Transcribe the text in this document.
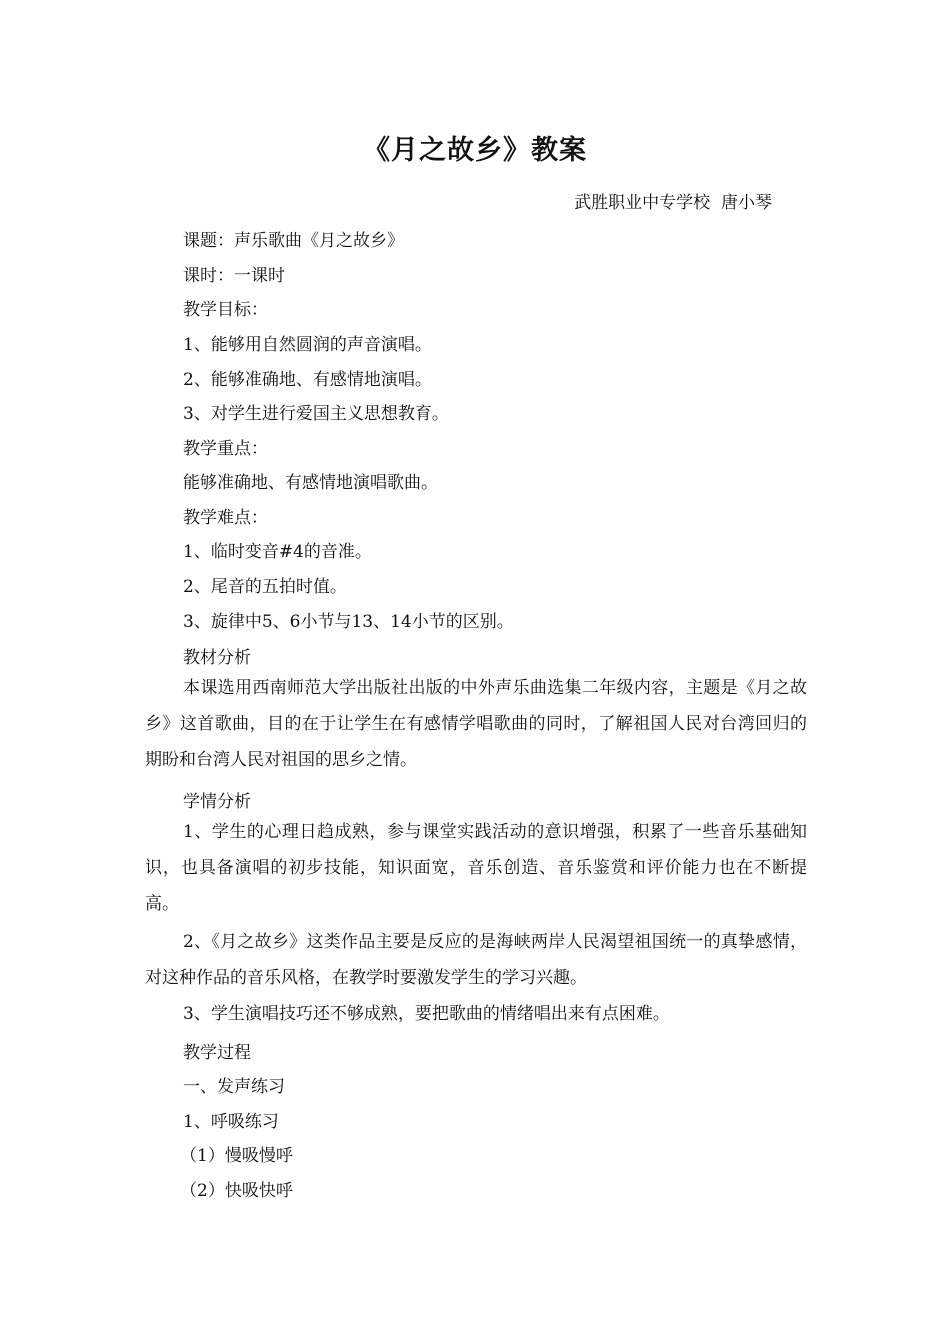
《月之故乡》教案
武胜职业中专学校  唐小琴

课题：声乐歌曲《月之故乡》

课时：一课时

教学目标：

1、能够用自然圆润的声音演唱。

2、能够准确地、有感情地演唱。

3、对学生进行爱国主义思想教育。

教学重点：

能够准确地、有感情地演唱歌曲。

教学难点：

1、临时变音#4的音准。

2、尾音的五拍时值。

3、旋律中5、6小节与13、14小节的区别。

教材分析

本课选用西南师范大学出版社出版的中外声乐曲选集二年级内容，主题是《月之故乡》这首歌曲，目的在于让学生在有感情学唱歌曲的同时，了解祖国人民对台湾回归的期盼和台湾人民对祖国的思乡之情。

学情分析

1、学生的心理日趋成熟，参与课堂实践活动的意识增强，积累了一些音乐基础知识，也具备演唱的初步技能，知识面宽，音乐创造、音乐鉴赏和评价能力也在不断提高。

2、《月之故乡》这类作品主要是反应的是海峡两岸人民渴望祖国统一的真挚感情，对这种作品的音乐风格，在教学时要激发学生的学习兴趣。

3、学生演唱技巧还不够成熟，要把歌曲的情绪唱出来有点困难。

教学过程

一、发声练习

1、呼吸练习

（1）慢吸慢呼

（2）快吸快呼
